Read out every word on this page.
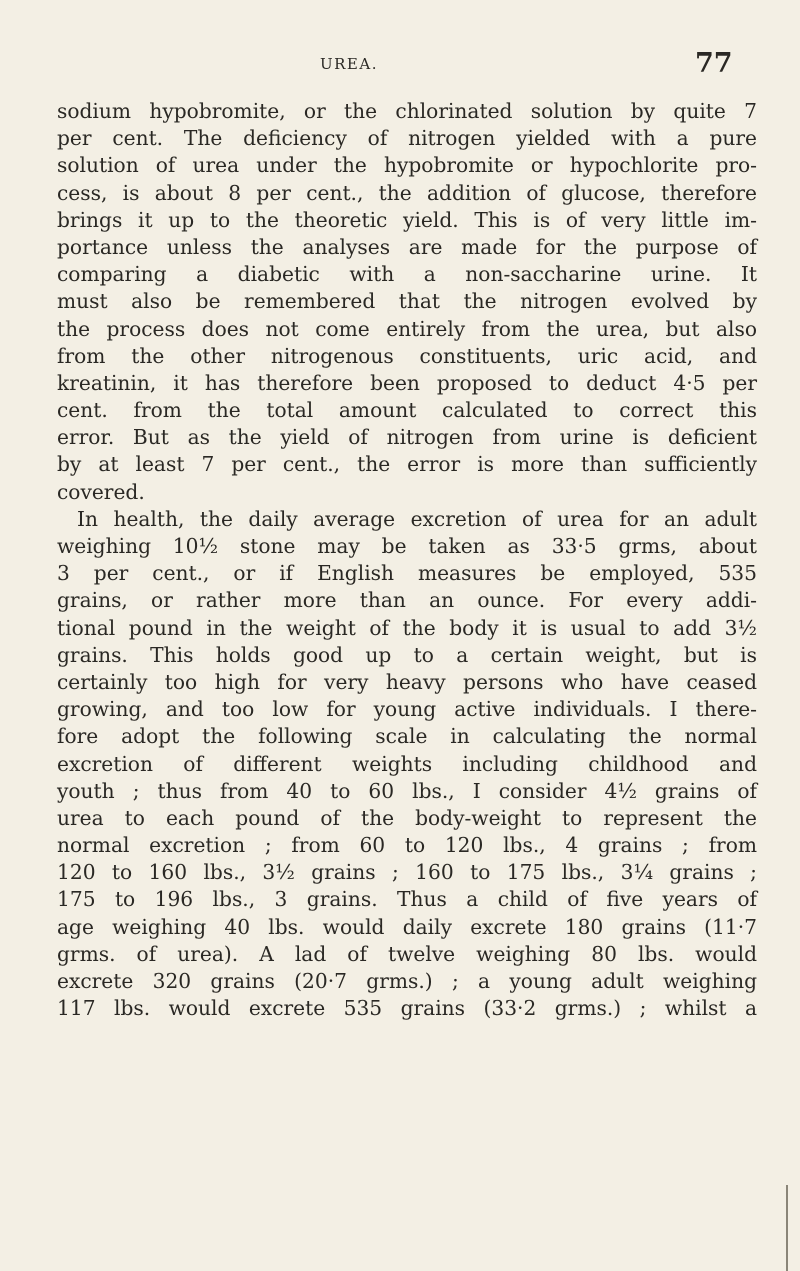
UREA.	77
sodium hypobromite, or the chlorinated solution by quite 7
per cent. The deficiency of nitrogen yielded with a pure
solution of urea under the hypobromite or hypochlorite pro-
cess, is about 8 per cent., the addition of glucose, therefore
brings it up to the theoretic yield. This is of very little im-
portance unless the analyses are made for the purpose of
comparing a diabetic with a non-saccharine urine. It
must also be remembered that the nitrogen evolved by
the process does not come entirely from the urea, but also
from the other nitrogenous constituents, uric acid, and
kreatinin, it has therefore been proposed to deduct 4·5 per
cent. from the total amount calculated to correct this
error. But as the yield of nitrogen from urine is deficient
by at least 7 per cent., the error is more than sufficiently
covered.
In health, the daily average excretion of urea for an adult
weighing 10½ stone may be taken as 33·5 grms, about
3 per cent., or if English measures be employed, 535
grains, or rather more than an ounce. For every addi-
tional pound in the weight of the body it is usual to add 3½
grains. This holds good up to a certain weight, but is
certainly too high for very heavy persons who have ceased
growing, and too low for young active individuals. I there-
fore adopt the following scale in calculating the normal
excretion of different weights including childhood and
youth ; thus from 40 to 60 lbs., I consider 4½ grains of
urea to each pound of the body-weight to represent the
normal excretion ; from 60 to 120 lbs., 4 grains ; from
120 to 160 lbs., 3½ grains ; 160 to 175 lbs., 3¼ grains ;
175 to 196 lbs., 3 grains. Thus a child of five years of
age weighing 40 lbs. would daily excrete 180 grains (11·7
grms. of urea). A lad of twelve weighing 80 lbs. would
excrete 320 grains (20·7 grms.) ; a young adult weighing
117 lbs. would excrete 535 grains (33·2 grms.) ; whilst a
